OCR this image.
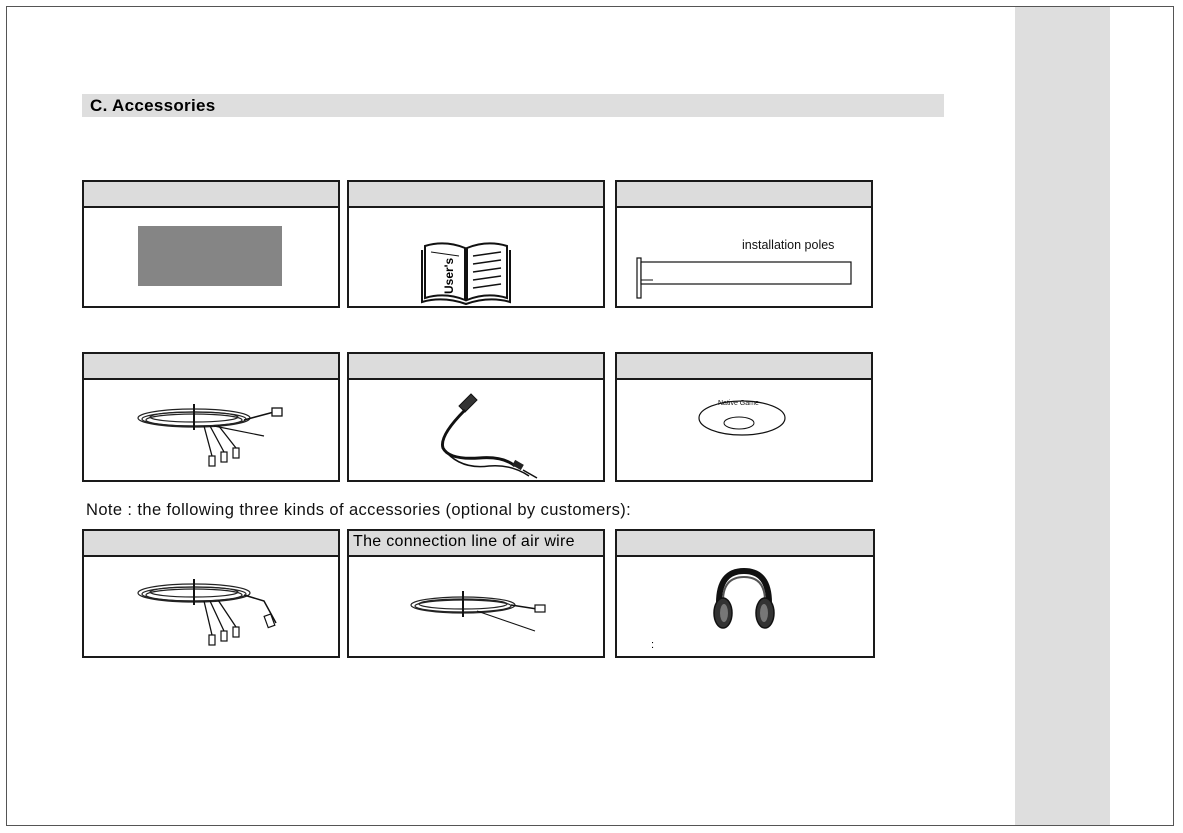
C. Accessories
User's
installation poles
Native Game
Note : the following three kinds of accessories (optional by customers):
The connection line of air wire
:
